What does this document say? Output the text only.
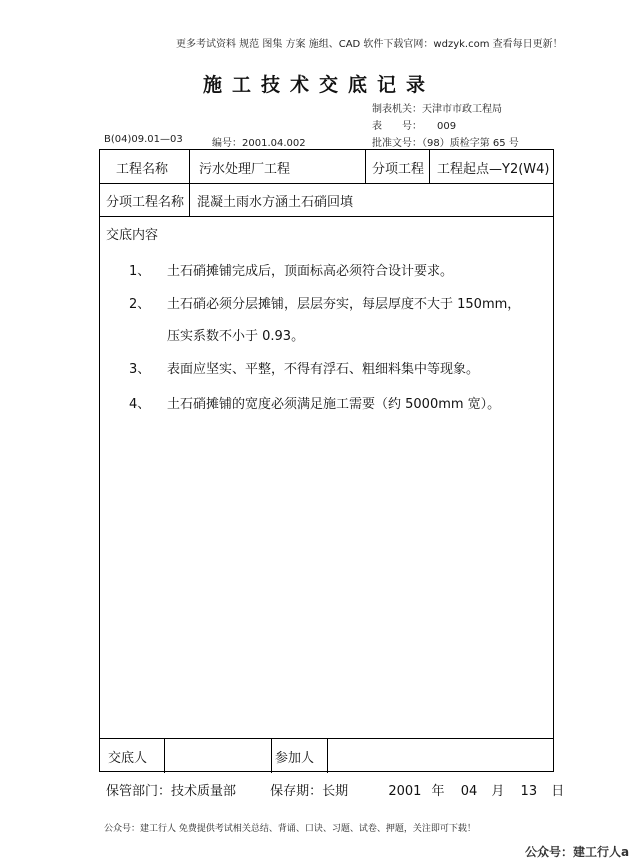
更多考试资料 规范 图集 方案 施组、CAD 软件下载官网：wdzyk.com 查看每日更新！
施工技术交底记录
制表机关：天津市市政工程局
表　　号：　　009
批准文号：（98）质检字第 65 号
B(04)09.01—03	编号：2001.04.002
工程名称 污水处理厂工程	分项工程 工程起点—Y2(W4)
分项工程名称 混凝土雨水方涵土石硝回填
交底内容
1、 土石硝摊铺完成后，顶面标高必须符合设计要求。
2、 土石硝必须分层摊铺，层层夯实，每层厚度不大于 150mm，
压实系数不小于 0.93。
3、 表面应坚实、平整，不得有浮石、粗细料集中等现象。
4、 土石硝摊铺的宽度必须满足施工需要（约 5000mm 宽）。
交底人	参加人
保管部门：技术质量部	保存期：长期	2001 年 04 月 13 日
公众号：建工行人 免费提供考试相关总结、背诵、口诀、习题、试卷、押题，关注即可下载！
公众号：建工行人a
